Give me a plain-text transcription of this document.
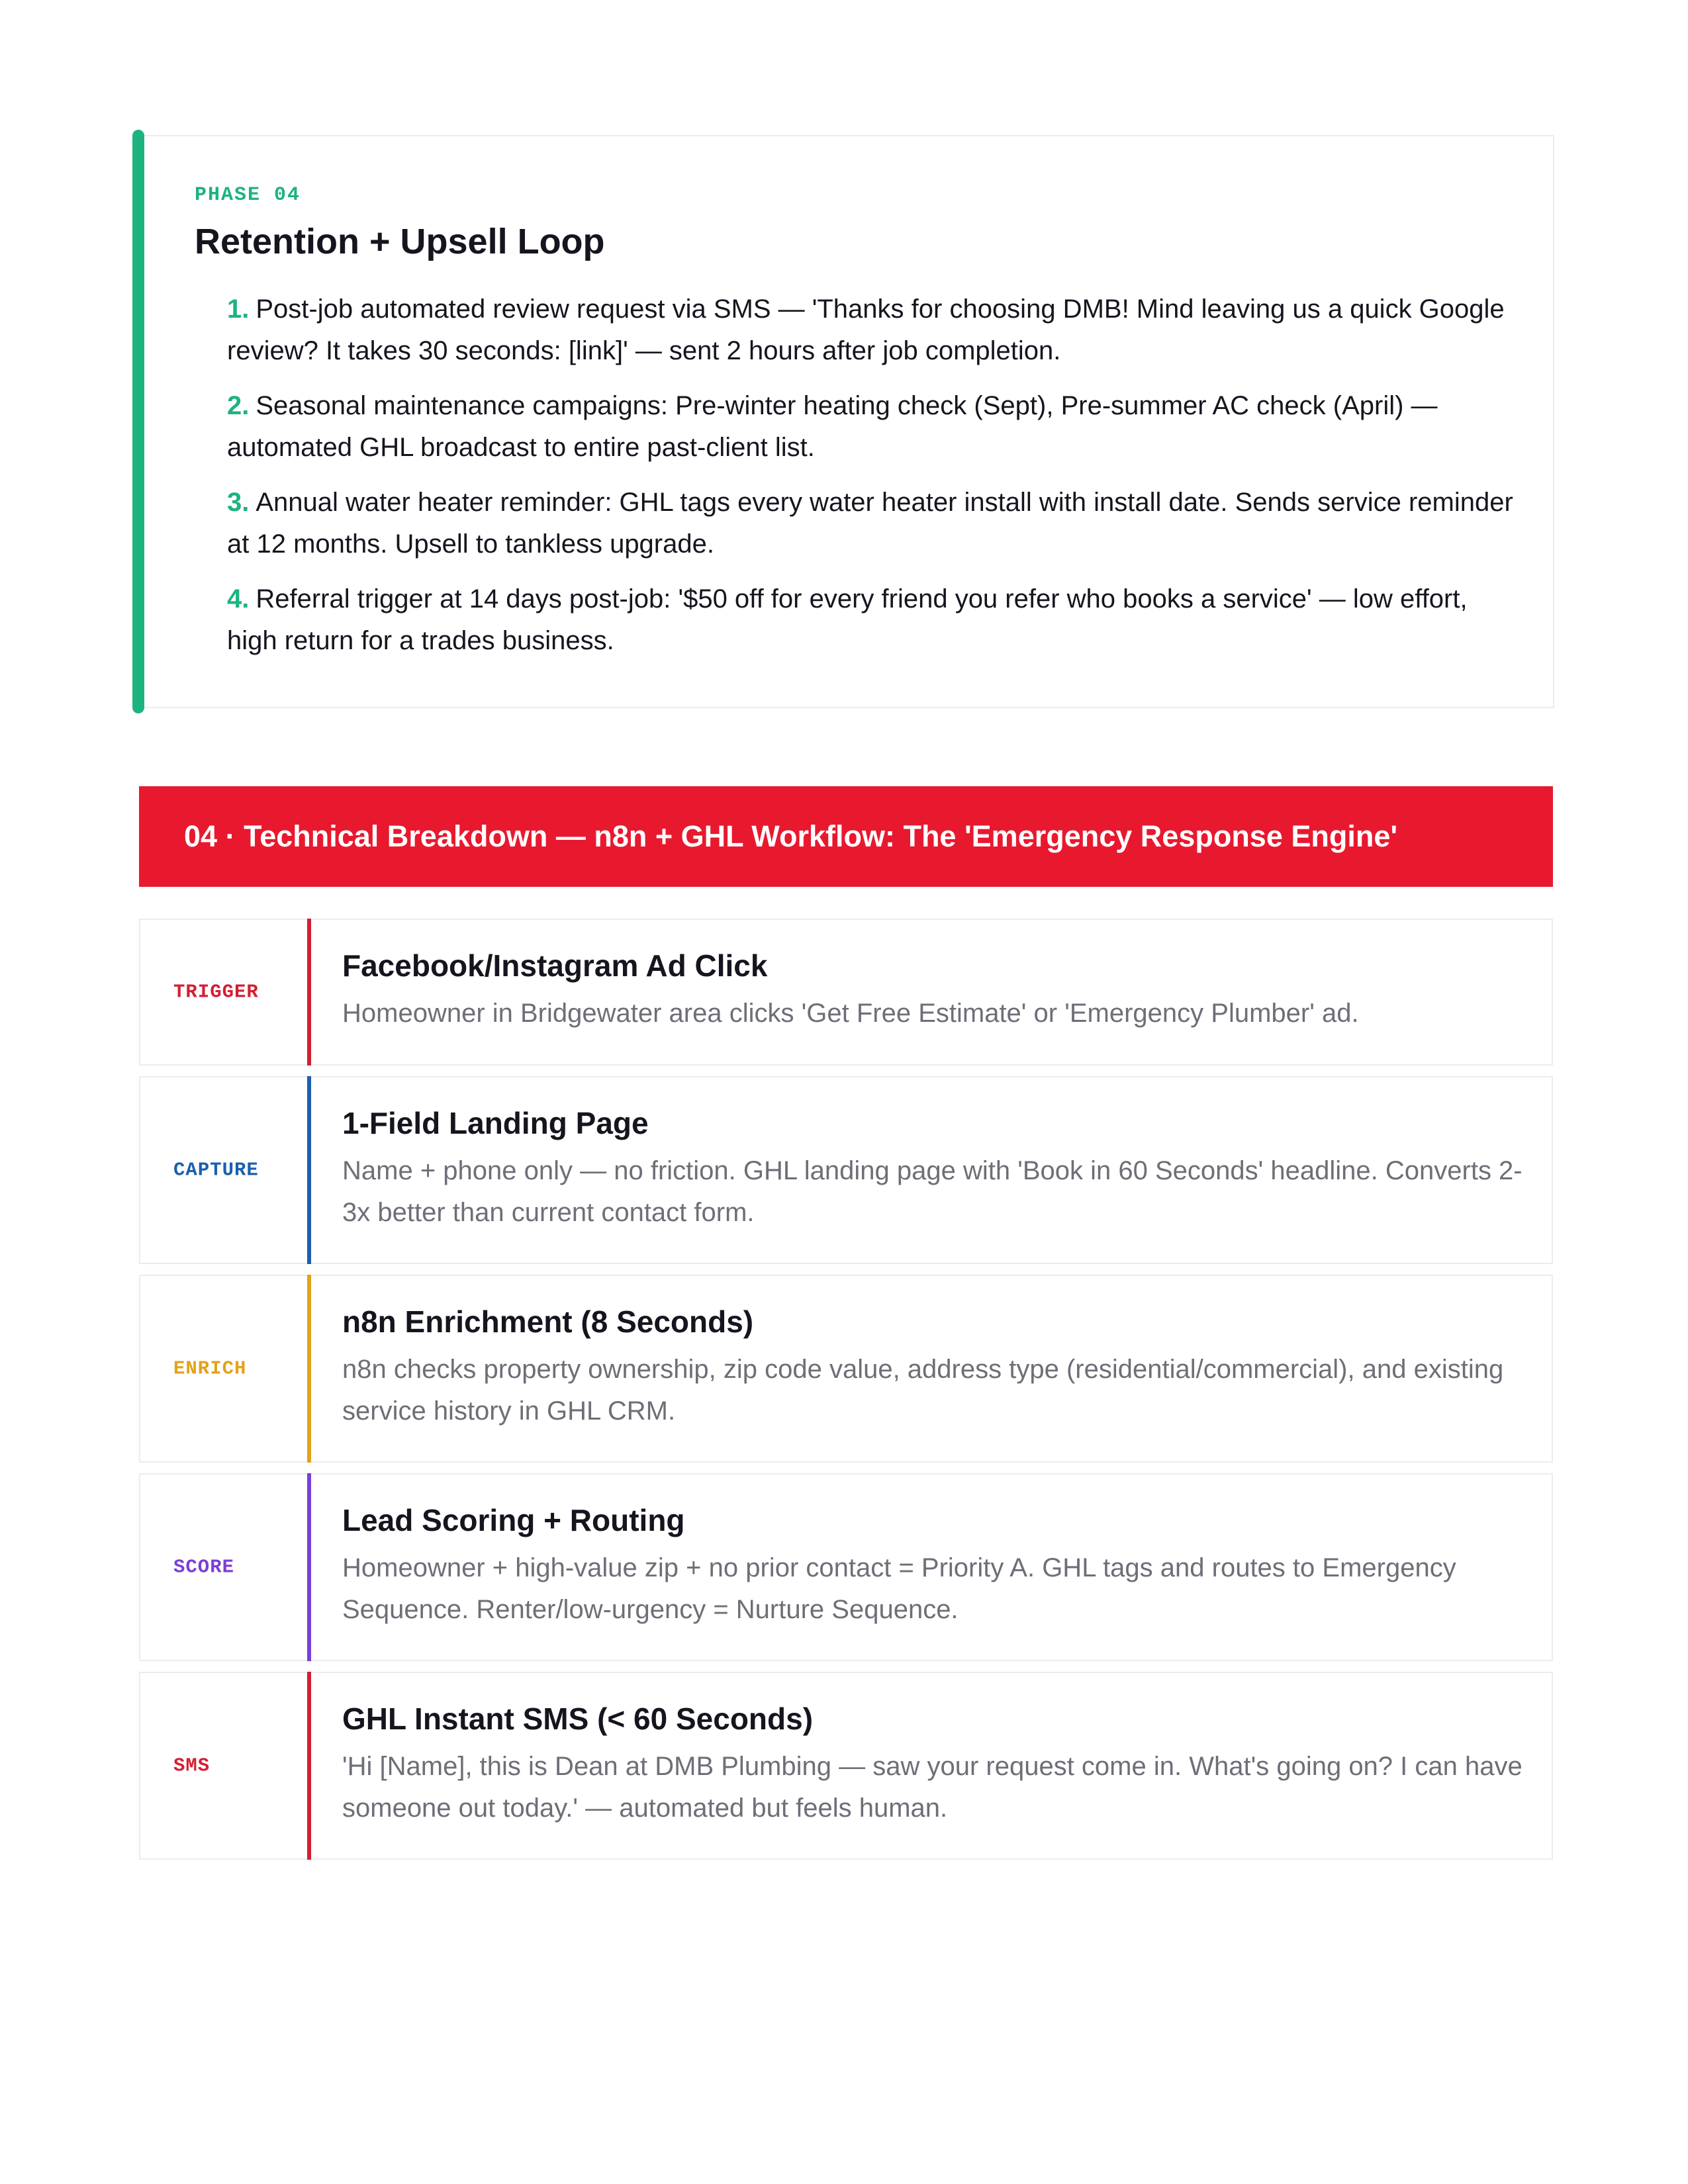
PHASE 04
Retention + Upsell Loop
1. Post-job automated review request via SMS — 'Thanks for choosing DMB! Mind leaving us a quick Google review? It takes 30 seconds: [link]' — sent 2 hours after job completion.
2. Seasonal maintenance campaigns: Pre-winter heating check (Sept), Pre-summer AC check (April) — automated GHL broadcast to entire past-client list.
3. Annual water heater reminder: GHL tags every water heater install with install date. Sends service reminder at 12 months. Upsell to tankless upgrade.
4. Referral trigger at 14 days post-job: '$50 off for every friend you refer who books a service' — low effort, high return for a trades business.
04 · Technical Breakdown — n8n + GHL Workflow: The 'Emergency Response Engine'
TRIGGER
Facebook/Instagram Ad Click
Homeowner in Bridgewater area clicks 'Get Free Estimate' or 'Emergency Plumber' ad.
CAPTURE
1-Field Landing Page
Name + phone only — no friction. GHL landing page with 'Book in 60 Seconds' headline. Converts 2-3x better than current contact form.
ENRICH
n8n Enrichment (8 Seconds)
n8n checks property ownership, zip code value, address type (residential/commercial), and existing service history in GHL CRM.
SCORE
Lead Scoring + Routing
Homeowner + high-value zip + no prior contact = Priority A. GHL tags and routes to Emergency Sequence. Renter/low-urgency = Nurture Sequence.
SMS
GHL Instant SMS (< 60 Seconds)
'Hi [Name], this is Dean at DMB Plumbing — saw your request come in. What's going on? I can have someone out today.' — automated but feels human.
